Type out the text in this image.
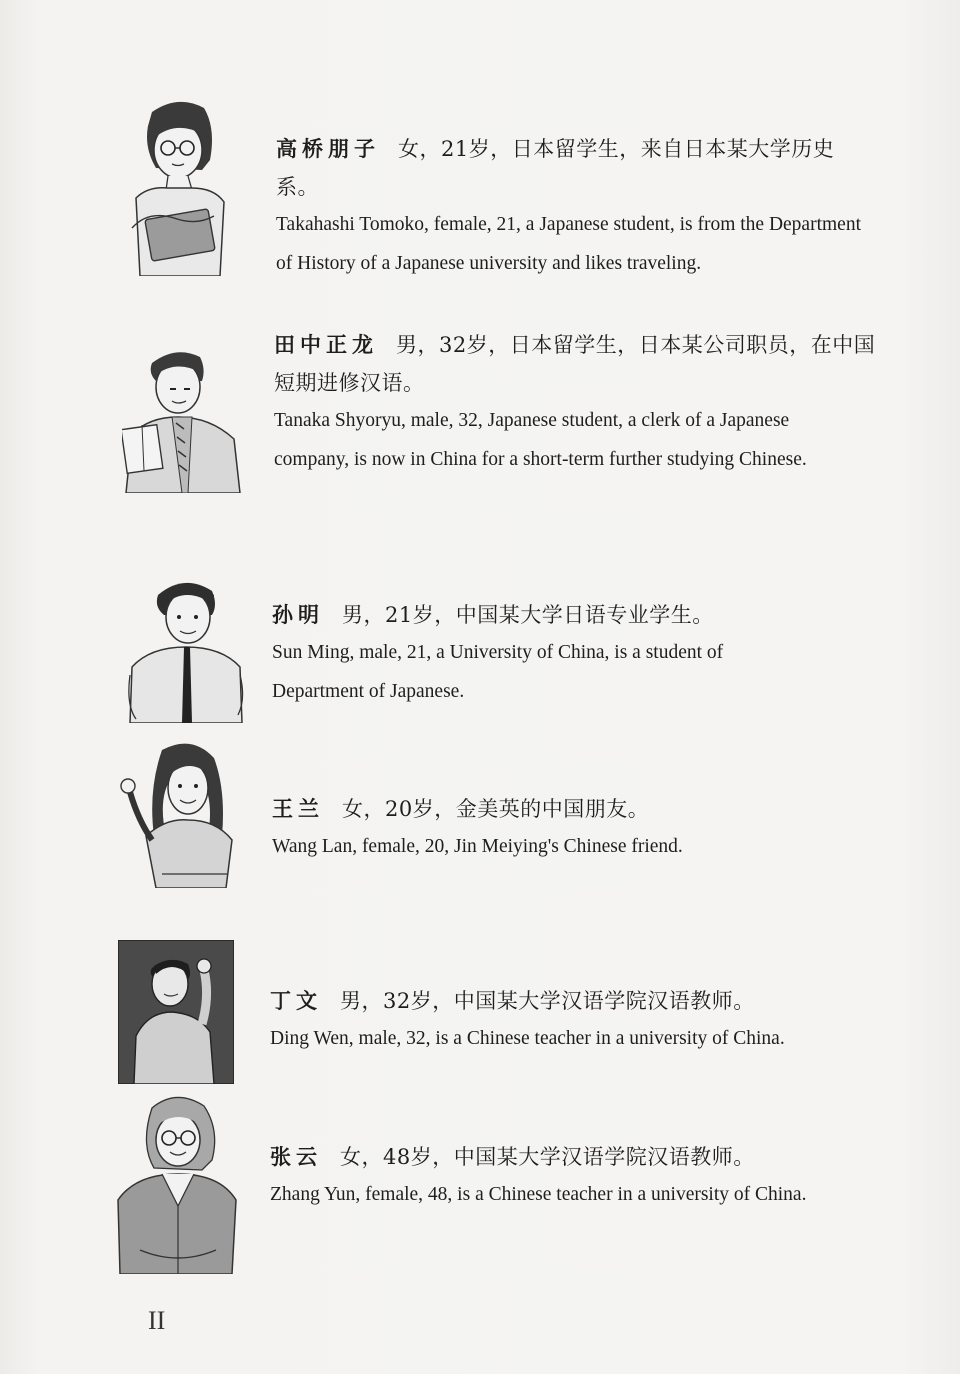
高桥朋子 女，21岁，日本留学生，来自日本某大学历史系。
Takahashi Tomoko, female, 21, a Japanese student, is from the Department of History of a Japanese university and likes traveling.
田中正龙 男，32岁，日本留学生，日本某公司职员，在中国短期进修汉语。
Tanaka Shyoryu, male, 32, Japanese student, a clerk of a Japanese company, is now in China for a short-term further studying Chinese.
孙明 男，21岁，中国某大学日语专业学生。
Sun Ming, male, 21, a University of China, is a student of Department of Japanese.
王兰 女，20岁，金美英的中国朋友。
Wang Lan, female, 20, Jin Meiying's Chinese friend.
丁文 男，32岁，中国某大学汉语学院汉语教师。
Ding Wen, male, 32, is a Chinese teacher in a university of China.
张云 女，48岁，中国某大学汉语学院汉语教师。
Zhang Yun, female, 48, is a Chinese teacher in a university of China.
II
